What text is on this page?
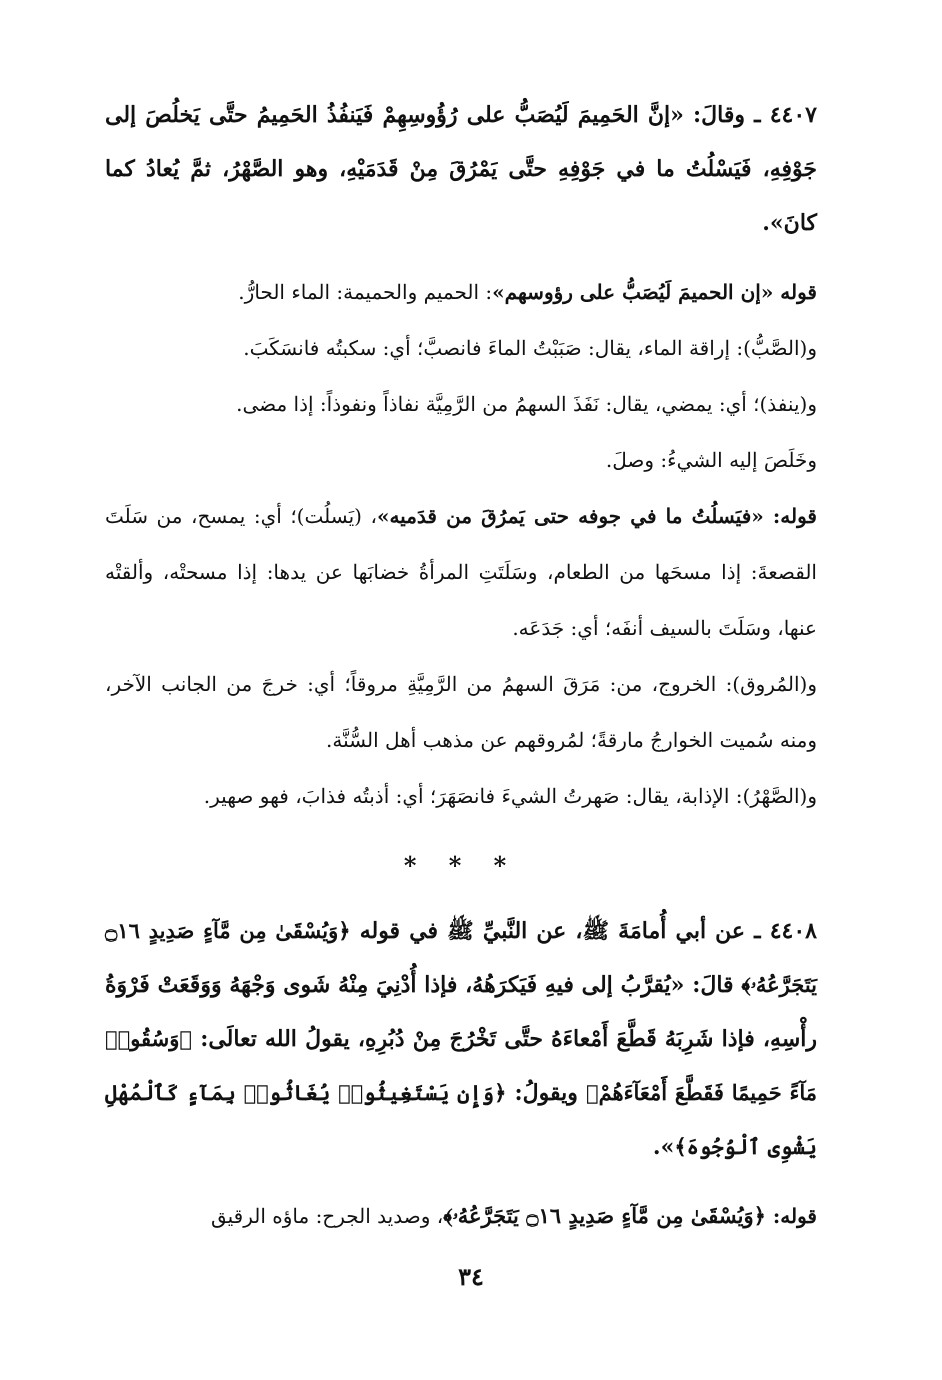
٤٤٠٧ ـ وقالَ: «إنَّ الحَمِيمَ لَيُصَبُّ على رُؤُوسِهِمْ فَيَنفُذُ الحَمِيمُ حتَّى يَخلُصَ إلى جَوْفِهِ، فَيَسْلُتُ ما في جَوْفِهِ حتَّى يَمْرُقَ مِنْ قَدَمَيْهِ، وهو الصَّهْرُ، ثمَّ يُعادُ كما كانَ».

قوله «إن الحميمَ لَيُصَبُّ على رؤوسهم»: الحميم والحميمة: الماء الحارُّ.

و(الصَّبُّ): إراقة الماء، يقال: صَبَبْتُ الماءَ فانصبَّ؛ أي: سكبتُه فانسَكَبَ.

و(ينفذ)؛ أي: يمضي، يقال: نَفَذَ السهمُ من الرَّمِيَّة نفاذاً ونفوذاً: إذا مضى.

وخَلَصَ إليه الشيءُ: وصلَ.

قوله: «فيَسلُتُ ما في جوفه حتى يَمرُقَ من قدَميه»، (يَسلُت)؛ أي: يمسح، من سَلَتَ القصعةَ: إذا مسحَها من الطعام، وسَلَتَتِ المرأةُ خضابَها عن يدها: إذا مسحتْه، وألقتْه عنها، وسَلَتَ بالسيف أنفَه؛ أي: جَدَعَه.

و(المُروق): الخروج، من: مَرَقَ السهمُ من الرَّمِيَّةِ مروقاً؛ أي: خرجَ من الجانب الآخر، ومنه سُميت الخوارجُ مارقةً؛ لمُروقهم عن مذهب أهل السُّنَّة.

و(الصَّهْرُ): الإذابة، يقال: صَهرتُ الشيءَ فانصَهَرَ؛ أي: أذبتُه فذابَ، فهو صهير.

* * *

٤٤٠٨ ـ عن أبي أُمامَةَ ﷺ، عن النَّبيِّ ﷺ في قوله ﴿وَيُسْقَىٰ مِن مَّآءٍ صَدِيدٍ ۝١٦ يَتَجَرَّعُهُۥ﴾ قالَ: «يُقرَّبُ إلى فيهِ فَيَكرَهُهُ، فإذا أُدْنِيَ مِنْهُ شَوى وَجْهَهُ وَوَقَعَتْ فَرْوَةُ رأْسِهِ، فإذا شَرِبَهُ قَطَّعَ أَمْعاءَهُ حتَّى تَخْرُجَ مِنْ دُبُرِهِ، يقولُ الله تعالَى: ﴿وَسُقُوا۟ مَآءً حَمِيمًا فَقَطَّعَ أَمْعَآءَهُمْ﴾ ويقولُ: ﴿وَإِن يَسْتَغِيثُوا۟ يُغَاثُوا۟ بِمَآءٍ كَٱلْمُهْلِ يَشْوِى ٱلْوُجُوهَ﴾».

قوله: ﴿وَيُسْقَىٰ مِن مَّآءٍ صَدِيدٍ ۝١٦ يَتَجَرَّعُهُۥ﴾، وصديد الجرح: ماؤه الرقيق

٣٤
